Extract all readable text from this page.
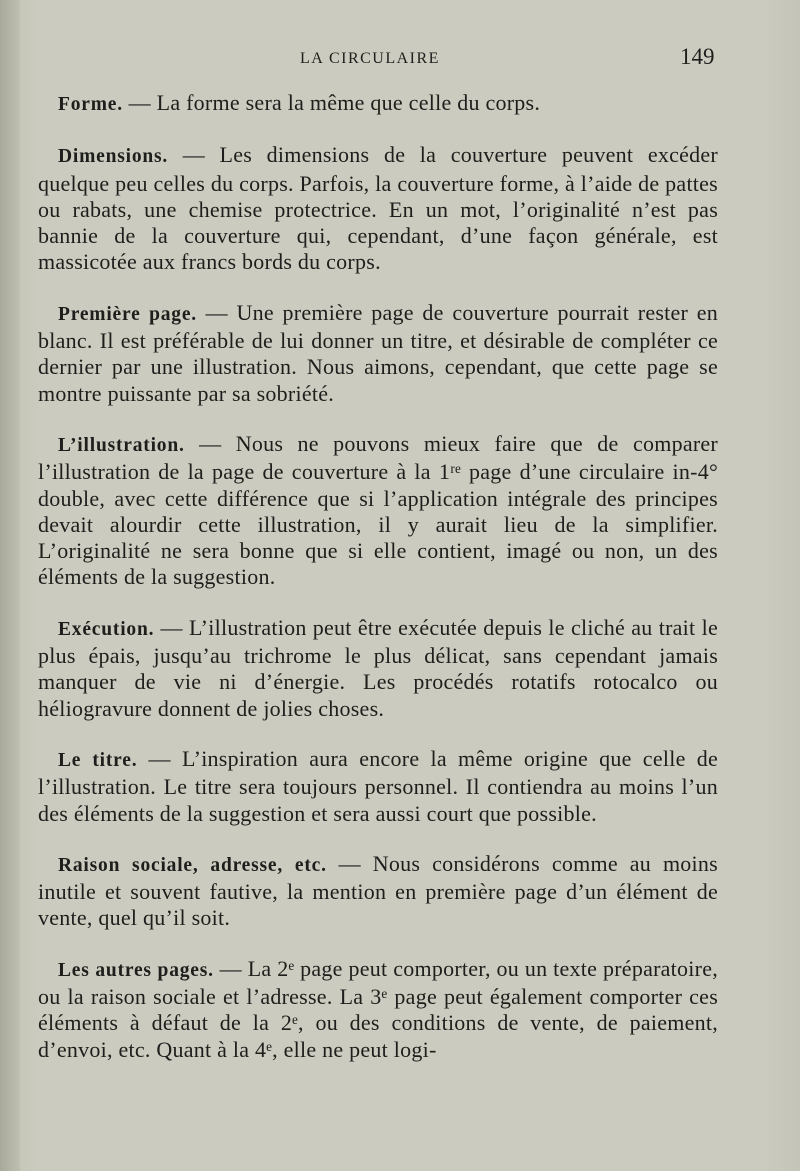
LA CIRCULAIRE	149

Forme. — La forme sera la même que celle du corps.

Dimensions. — Les dimensions de la couverture peuvent excéder quelque peu celles du corps. Parfois, la couverture forme, à l’aide de pattes ou rabats, une chemise protectrice. En un mot, l’originalité n’est pas bannie de la couverture qui, cependant, d’une façon générale, est massicotée aux francs bords du corps.

Première page. — Une première page de couverture pourrait rester en blanc. Il est préférable de lui donner un titre, et désirable de compléter ce dernier par une illustration. Nous aimons, cependant, que cette page se montre puissante par sa sobriété.

L’illustration. — Nous ne pouvons mieux faire que de comparer l’illustration de la page de couverture à la 1ʳᵉ page d’une circulaire in-4° double, avec cette différence que si l’application intégrale des principes devait alourdir cette illustration, il y aurait lieu de la simplifier. L’originalité ne sera bonne que si elle contient, imagé ou non, un des éléments de la suggestion.

Exécution. — L’illustration peut être exécutée depuis le cliché au trait le plus épais, jusqu’au trichrome le plus délicat, sans cependant jamais manquer de vie ni d’énergie. Les procédés rotatifs rotocalco ou héliogravure donnent de jolies choses.

Le titre. — L’inspiration aura encore la même origine que celle de l’illustration. Le titre sera toujours personnel. Il contiendra au moins l’un des éléments de la suggestion et sera aussi court que possible.

Raison sociale, adresse, etc. — Nous considérons comme au moins inutile et souvent fautive, la mention en première page d’un élément de vente, quel qu’il soit.

Les autres pages. — La 2ᵉ page peut comporter, ou un texte préparatoire, ou la raison sociale et l’adresse. La 3ᵉ page peut également comporter ces éléments à défaut de la 2ᵉ, ou des conditions de vente, de paiement, d’envoi, etc. Quant à la 4ᵉ, elle ne peut logi-
